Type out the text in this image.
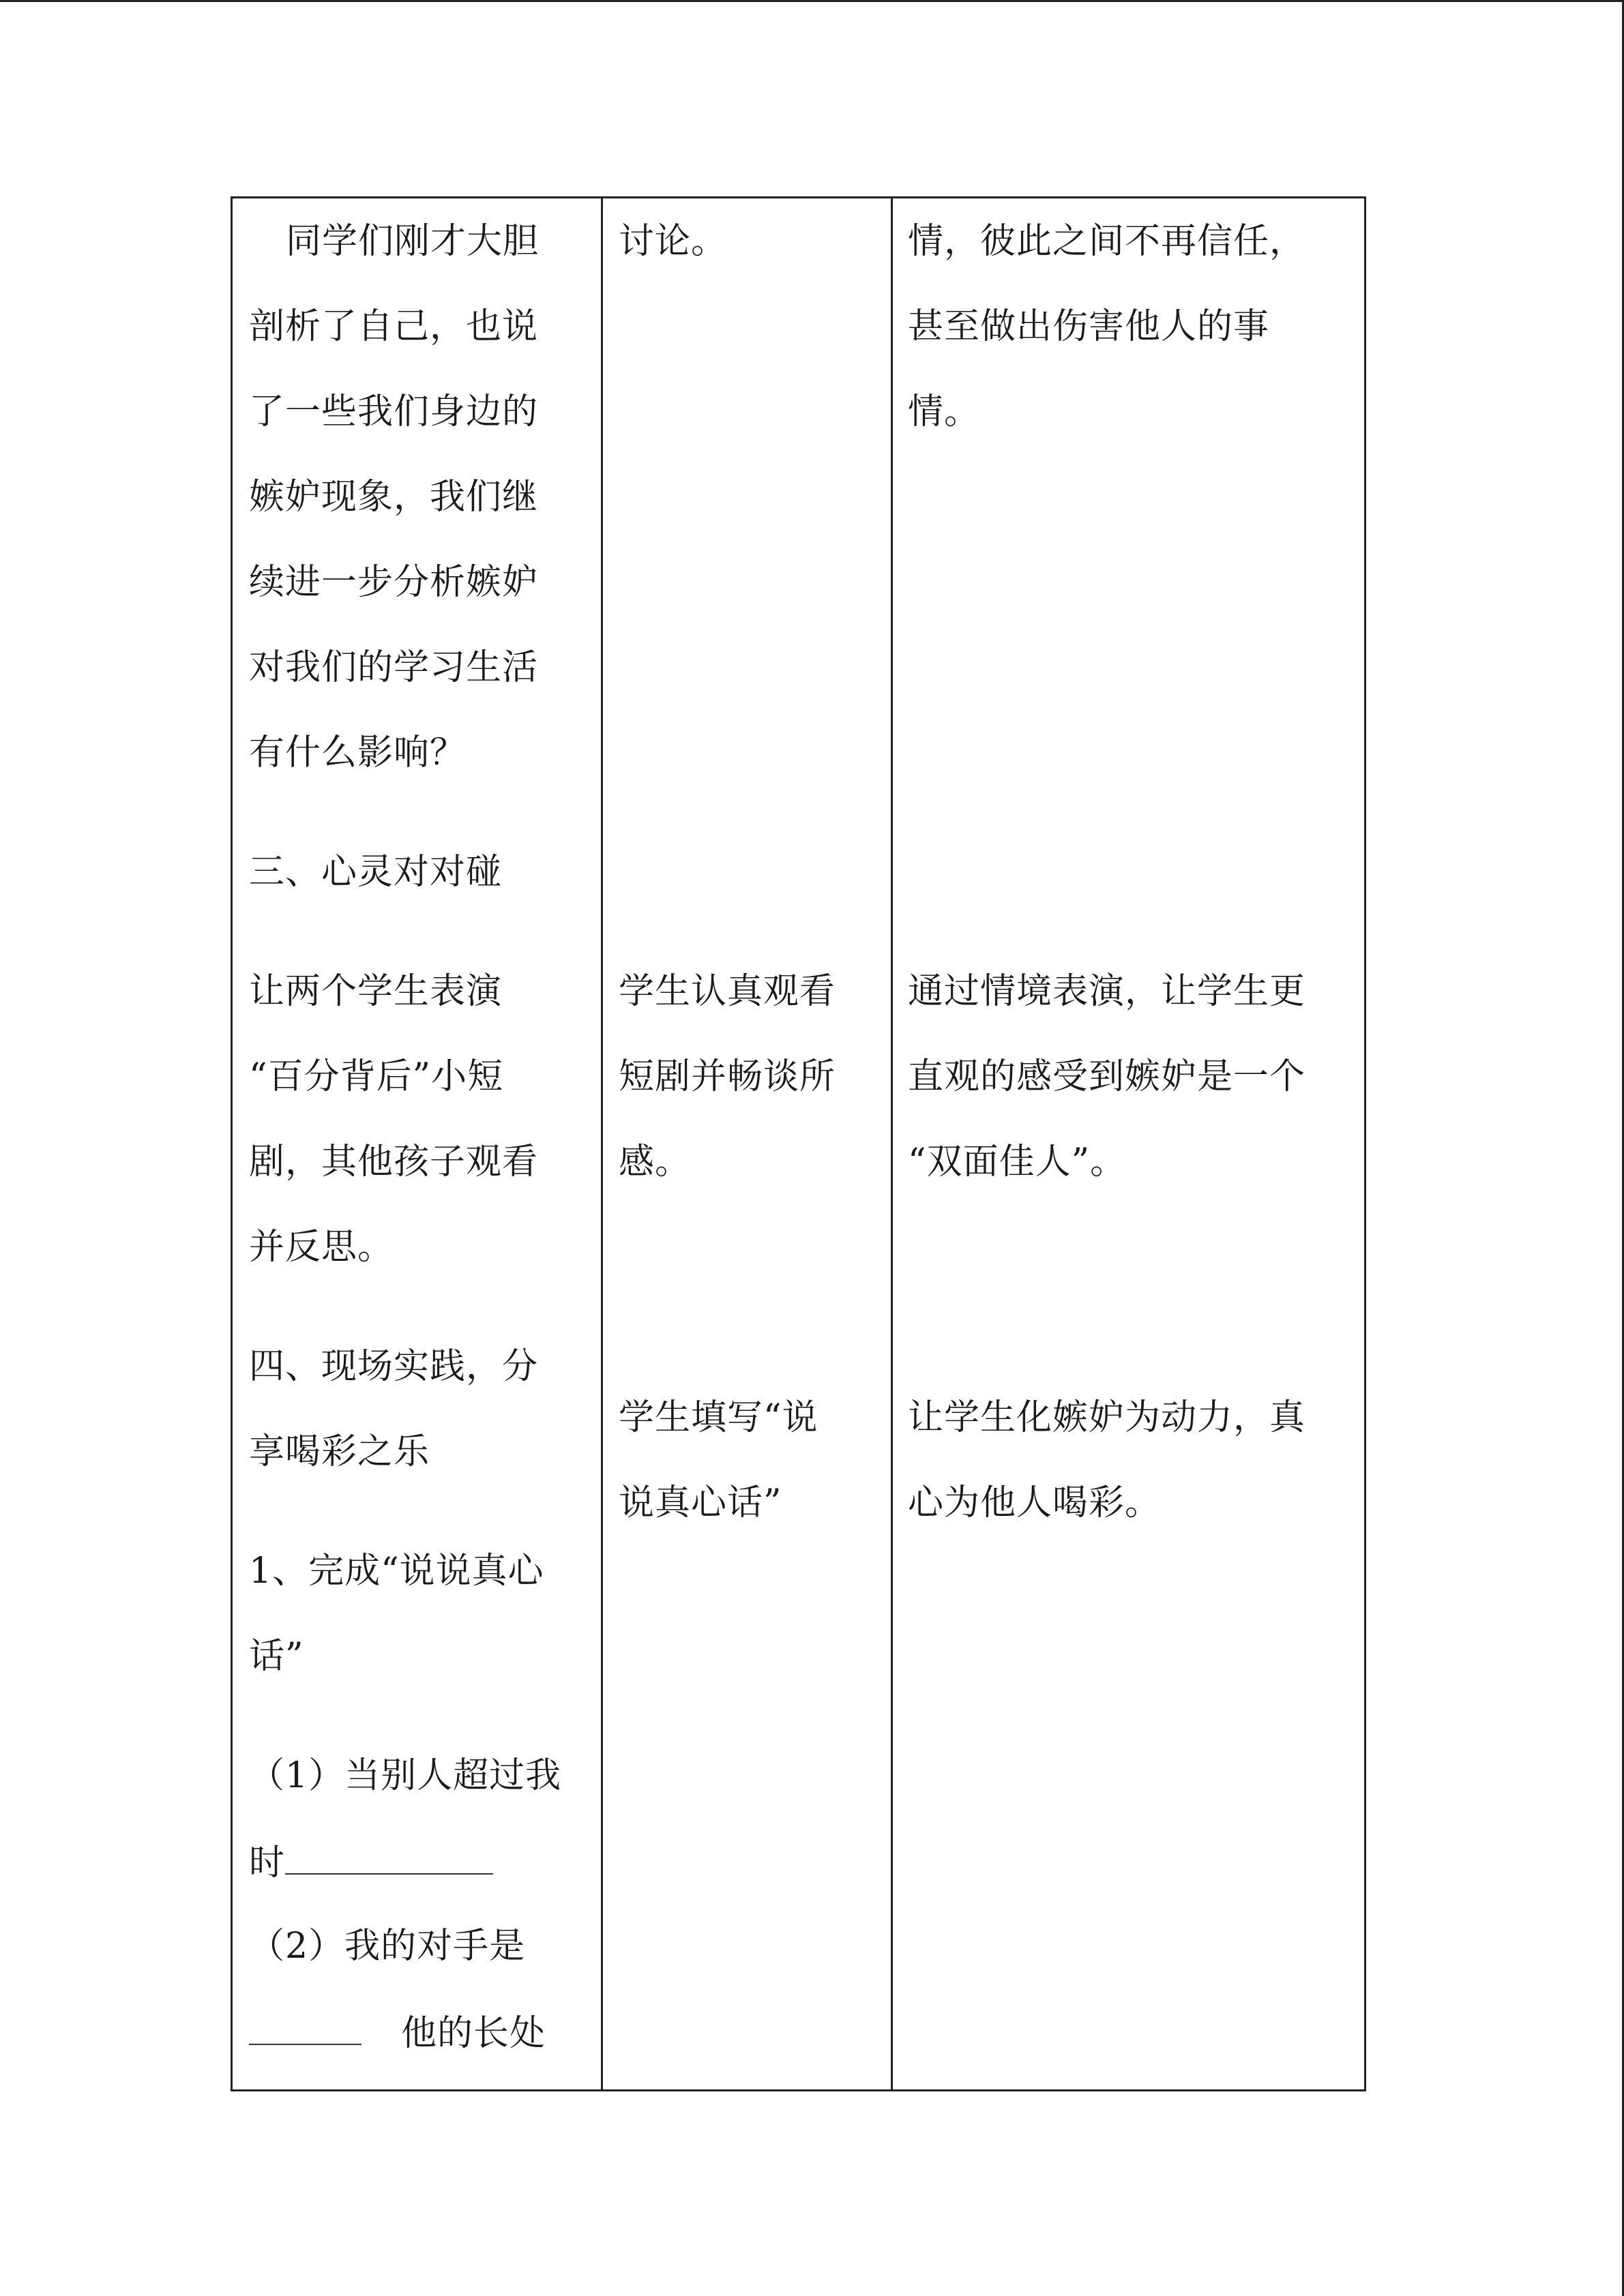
同学们刚才大胆
剖析了自己，也说
了一些我们身边的
嫉妒现象，我们继
续进一步分析嫉妒
对我们的学习生活
有什么影响？
三、心灵对对碰
让两个学生表演
“百分背后”小短
剧，其他孩子观看
并反思。
四、现场实践，分
享喝彩之乐
1、完成“说说真心
话”
（1）当别人超过我
时
（2）我的对手是
他的长处
讨论。
学生认真观看
短剧并畅谈所
感。
学生填写“说
说真心话”
情，彼此之间不再信任，
甚至做出伤害他人的事
情。
通过情境表演，让学生更
直观的感受到嫉妒是一个
“双面佳人”。
让学生化嫉妒为动力，真
心为他人喝彩。
